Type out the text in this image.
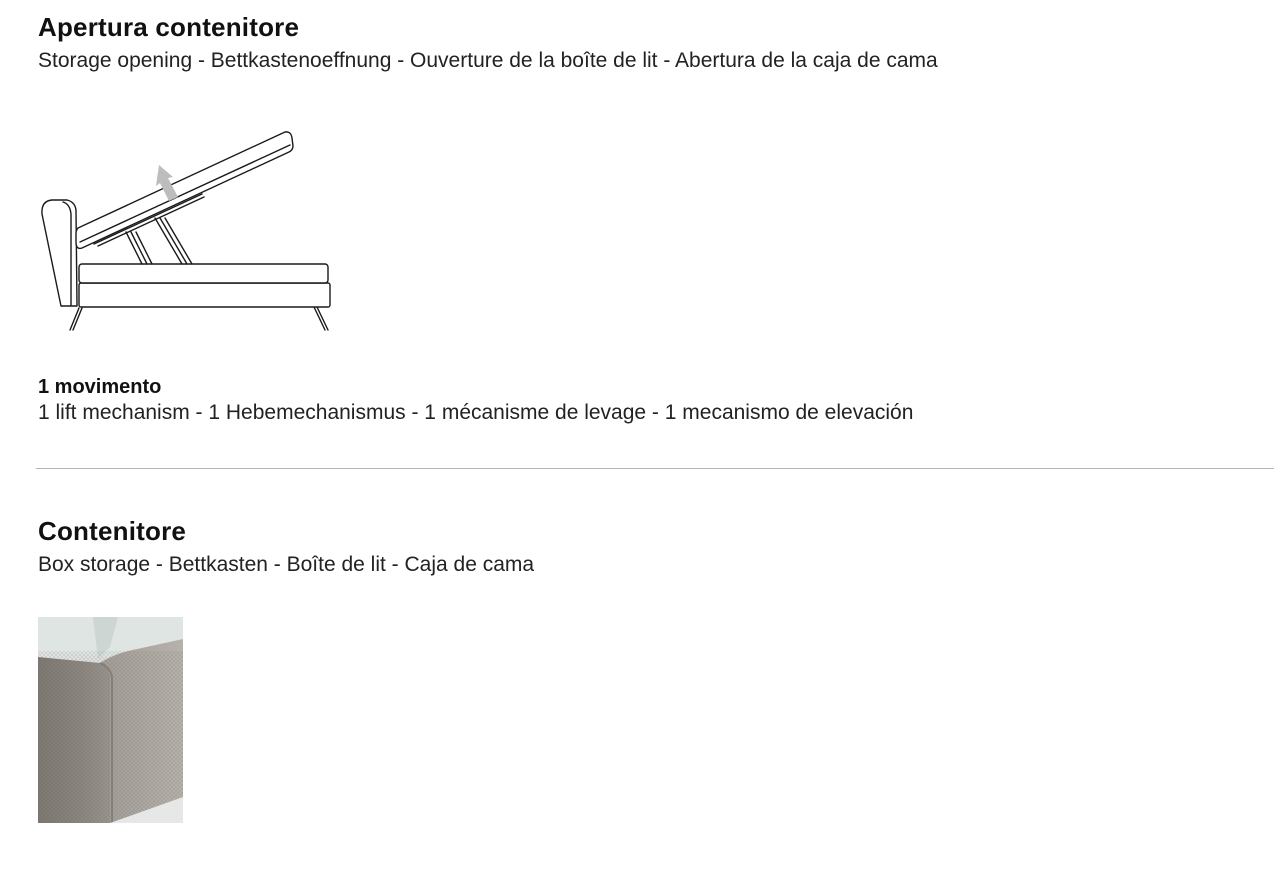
Apertura contenitore

Storage opening - Bettkastenoeffnung - Ouverture de la boîte de lit - Abertura de la caja de cama

1 movimento

1 lift mechanism - 1 Hebemechanismus - 1 mécanisme de levage - 1 mecanismo de elevación

Contenitore

Box storage - Bettkasten - Boîte de lit - Caja de cama
